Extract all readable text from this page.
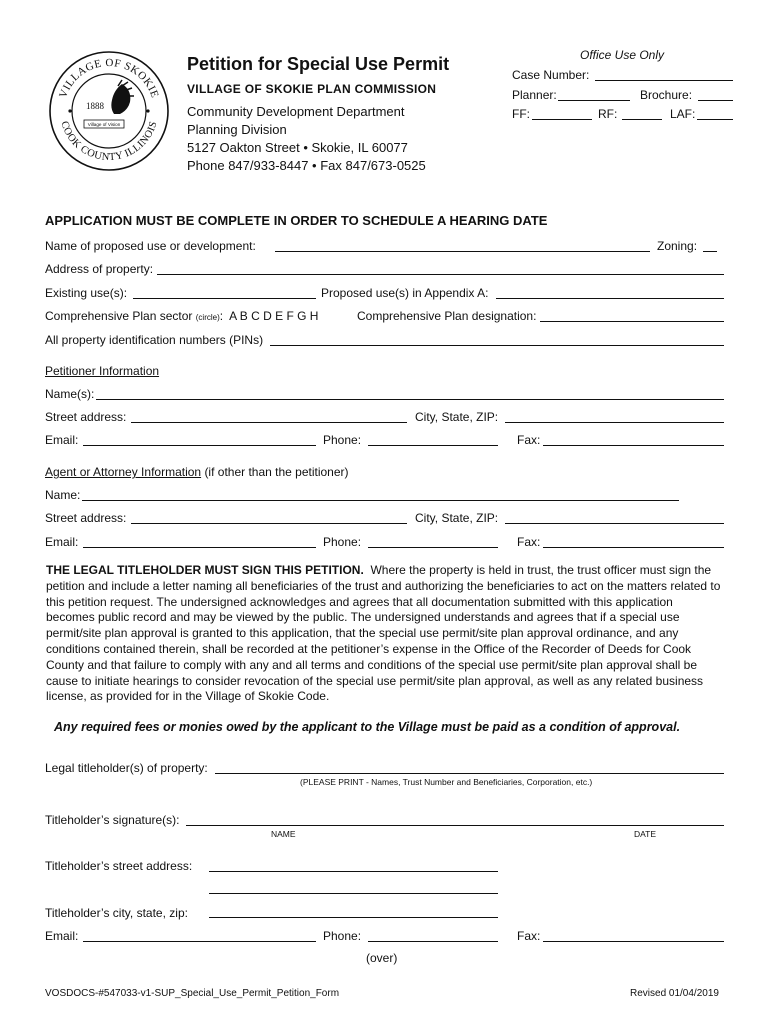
VILLAGE OF SKOKIE
COOK COUNTY ILLINOIS
1888
Village of Vision
Petition for Special Use Permit
VILLAGE OF SKOKIE PLAN COMMISSION
Community Development Department
Planning Division
5127 Oakton Street • Skokie, IL 60077
Phone 847/933-8447 • Fax 847/673-0525
Office Use Only
Case Number:
Planner:	Brochure:
FF:	RF:	LAF:
APPLICATION MUST BE COMPLETE IN ORDER TO SCHEDULE A HEARING DATE
Name of proposed use or development:	Zoning:
Address of property:
Existing use(s):	Proposed use(s) in Appendix A:
Comprehensive Plan sector (circle):  A B C D E F G H	Comprehensive Plan designation:
All property identification numbers (PINs)
Petitioner Information
Name(s):
Street address:	City, State, ZIP:
Email:	Phone:	Fax:
Agent or Attorney Information (if other than the petitioner)
Name:
Street address:	City, State, ZIP:
Email:	Phone:	Fax:
THE LEGAL TITLEHOLDER MUST SIGN THIS PETITION. Where the property is held in trust, the trust officer must sign the petition and include a letter naming all beneficiaries of the trust and authorizing the beneficiaries to act on the matters related to this petition request. The undersigned acknowledges and agrees that all documentation submitted with this application becomes public record and may be viewed by the public. The undersigned understands and agrees that if a special use permit/site plan approval is granted to this application, that the special use permit/site plan approval ordinance, and any conditions contained therein, shall be recorded at the petitioner’s expense in the Office of the Recorder of Deeds for Cook County and that failure to comply with any and all terms and conditions of the special use permit/site plan approval shall be cause to initiate hearings to consider revocation of the special use permit/site plan approval, as well as any related business license, as provided for in the Village of Skokie Code.
Any required fees or monies owed by the applicant to the Village must be paid as a condition of approval.
Legal titleholder(s) of property:
(PLEASE PRINT - Names, Trust Number and Beneficiaries, Corporation, etc.)
Titleholder’s signature(s):
NAME	DATE
Titleholder’s street address:
Titleholder’s city, state, zip:
Email:	Phone:	Fax:
(over)
VOSDOCS-#547033-v1-SUP_Special_Use_Permit_Petition_Form	Revised 01/04/2019
